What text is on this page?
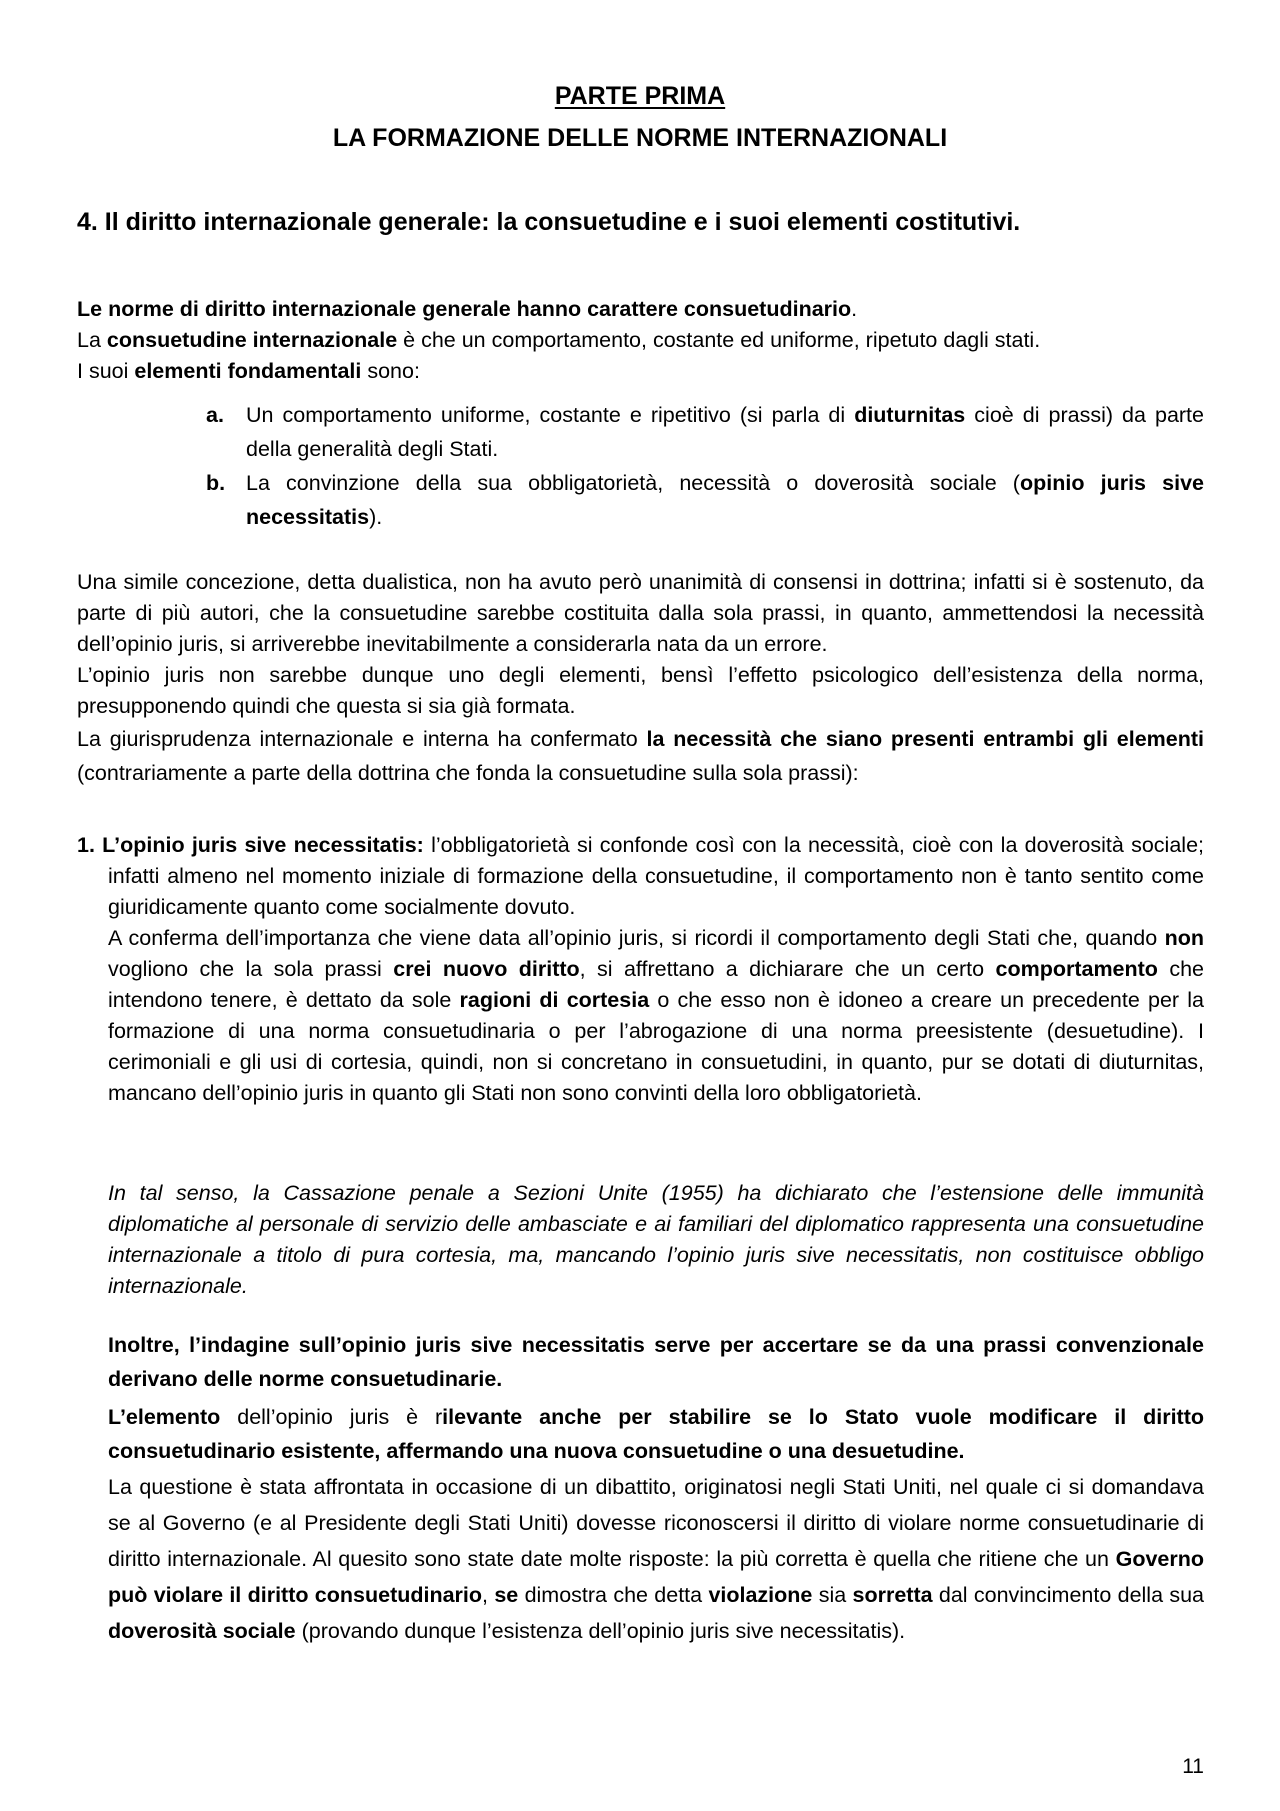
PARTE PRIMA
LA FORMAZIONE DELLE NORME INTERNAZIONALI
4. Il diritto internazionale generale: la consuetudine e i suoi elementi costitutivi.

Le norme di diritto internazionale generale hanno carattere consuetudinario.

La consuetudine internazionale è che un comportamento, costante ed uniforme, ripetuto dagli stati.

I suoi elementi fondamentali sono:

a. Un comportamento uniforme, costante e ripetitivo (si parla di diuturnitas cioè di prassi) da parte della generalità degli Stati.
b. La convinzione della sua obbligatorietà, necessità o doverosità sociale (opinio juris sive necessitatis).

Una simile concezione, detta dualistica, non ha avuto però unanimità di consensi in dottrina; infatti si è sostenuto, da parte di più autori, che la consuetudine sarebbe costituita dalla sola prassi, in quanto, ammettendosi la necessità dell’opinio juris, si arriverebbe inevitabilmente a considerarla nata da un errore.

L’opinio juris non sarebbe dunque uno degli elementi, bensì l’effetto psicologico dell’esistenza della norma, presupponendo quindi che questa si sia già formata.

La giurisprudenza internazionale e interna ha confermato la necessità che siano presenti entrambi gli elementi (contrariamente a parte della dottrina che fonda la consuetudine sulla sola prassi):

1. L’opinio juris sive necessitatis: l’obbligatorietà si confonde così con la necessità, cioè con la doverosità sociale; infatti almeno nel momento iniziale di formazione della consuetudine, il comportamento non è tanto sentito come giuridicamente quanto come socialmente dovuto.
A conferma dell’importanza che viene data all’opinio juris, si ricordi il comportamento degli Stati che, quando non vogliono che la sola prassi crei nuovo diritto, si affrettano a dichiarare che un certo comportamento che intendono tenere, è dettato da sole ragioni di cortesia o che esso non è idoneo a creare un precedente per la formazione di una norma consuetudinaria o per l’abrogazione di una norma preesistente (desuetudine). I cerimoniali e gli usi di cortesia, quindi, non si concretano in consuetudini, in quanto, pur se dotati di diuturnitas, mancano dell’opinio juris in quanto gli Stati non sono convinti della loro obbligatorietà.
In tal senso, la Cassazione penale a Sezioni Unite (1955) ha dichiarato che l’estensione delle immunità diplomatiche al personale di servizio delle ambasciate e ai familiari del diplomatico rappresenta una consuetudine internazionale a titolo di pura cortesia, ma, mancando l’opinio juris sive necessitatis, non costituisce obbligo internazionale.
Inoltre, l’indagine sull’opinio juris sive necessitatis serve per accertare se da una prassi convenzionale derivano delle norme consuetudinarie.
L’elemento dell’opinio juris è rilevante anche per stabilire se lo Stato vuole modificare il diritto consuetudinario esistente, affermando una nuova consuetudine o una desuetudine.
La questione è stata affrontata in occasione di un dibattito, originatosi negli Stati Uniti, nel quale ci si domandava se al Governo (e al Presidente degli Stati Uniti) dovesse riconoscersi il diritto di violare norme consuetudinarie di diritto internazionale. Al quesito sono state date molte risposte: la più corretta è quella che ritiene che un Governo può violare il diritto consuetudinario, se dimostra che detta violazione sia sorretta dal convincimento della sua doverosità sociale (provando dunque l’esistenza dell’opinio juris sive necessitatis).
11
